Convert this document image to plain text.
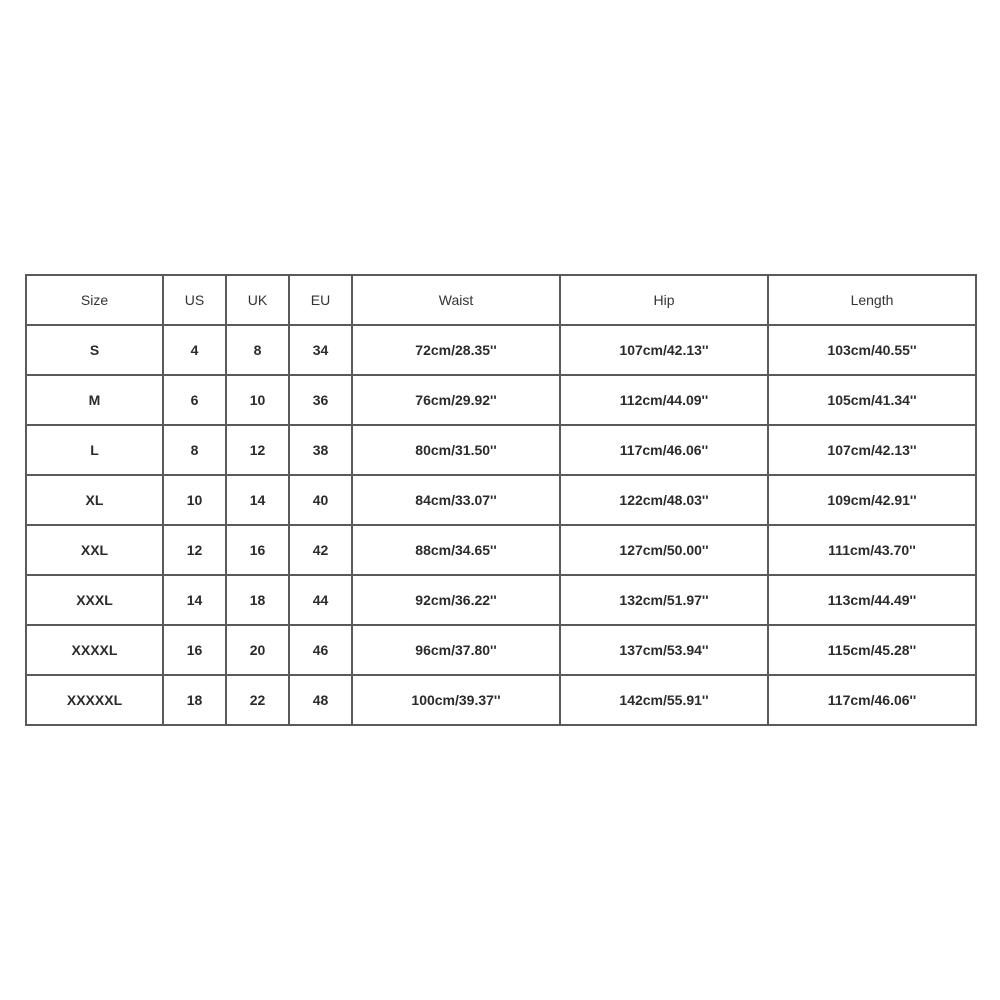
Size	US	UK	EU	Waist	Hip	Length
S	4	8	34	72cm/28.35''	107cm/42.13''	103cm/40.55''
M	6	10	36	76cm/29.92''	112cm/44.09''	105cm/41.34''
L	8	12	38	80cm/31.50''	117cm/46.06''	107cm/42.13''
XL	10	14	40	84cm/33.07''	122cm/48.03''	109cm/42.91''
XXL	12	16	42	88cm/34.65''	127cm/50.00''	111cm/43.70''
XXXL	14	18	44	92cm/36.22''	132cm/51.97''	113cm/44.49''
XXXXL	16	20	46	96cm/37.80''	137cm/53.94''	115cm/45.28''
XXXXXL	18	22	48	100cm/39.37''	142cm/55.91''	117cm/46.06''
